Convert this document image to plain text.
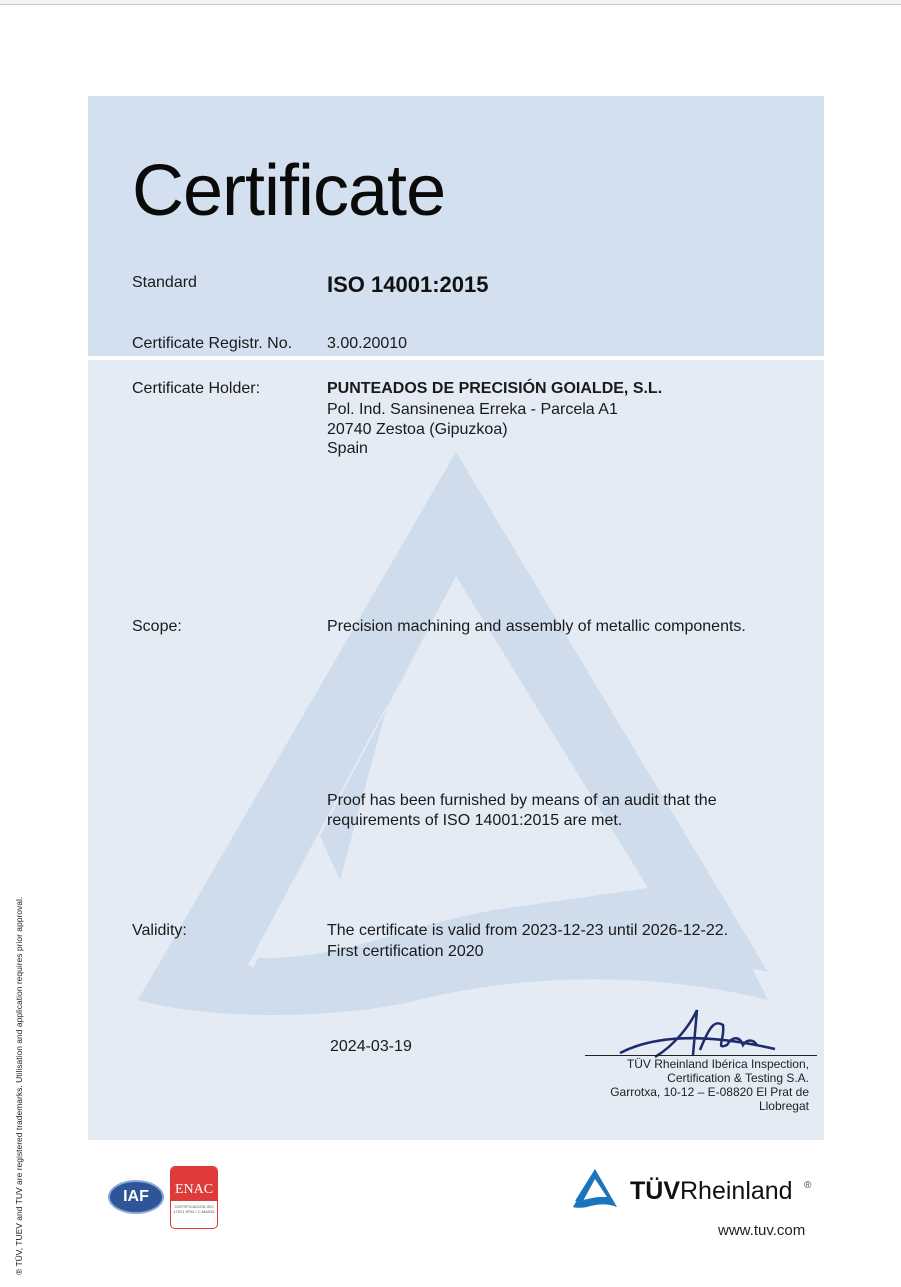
Certificate
Standard	ISO 14001:2015
Certificate Registr. No. 3.00.20010
Certificate Holder:	PUNTEADOS DE PRECISIÓN GOIALDE, S.L.
Pol. Ind. Sansinenea Erreka - Parcela A1
20740 Zestoa (Gipuzkoa)
Spain
Scope:	Precision machining and assembly of metallic components.
Proof has been furnished by means of an audit that the
requirements of ISO 14001:2015 are met.
Validity:	The certificate is valid from 2023-12-23 until 2026-12-22.
First certification 2020
2024-03-19
TÜV Rheinland Ibérica Inspection,
Certification & Testing S.A.
Garrotxa, 10-12 – E-08820 El Prat de
Llobregat
® TÜV, TUEV and TUV are registered trademarks. Utilisation and application requires prior approval.	IAF ENAC
CERTIFICACIÓN ISO 17021 Nº04 / C-MA016
TÜVRheinland ®
www.tuv.com
